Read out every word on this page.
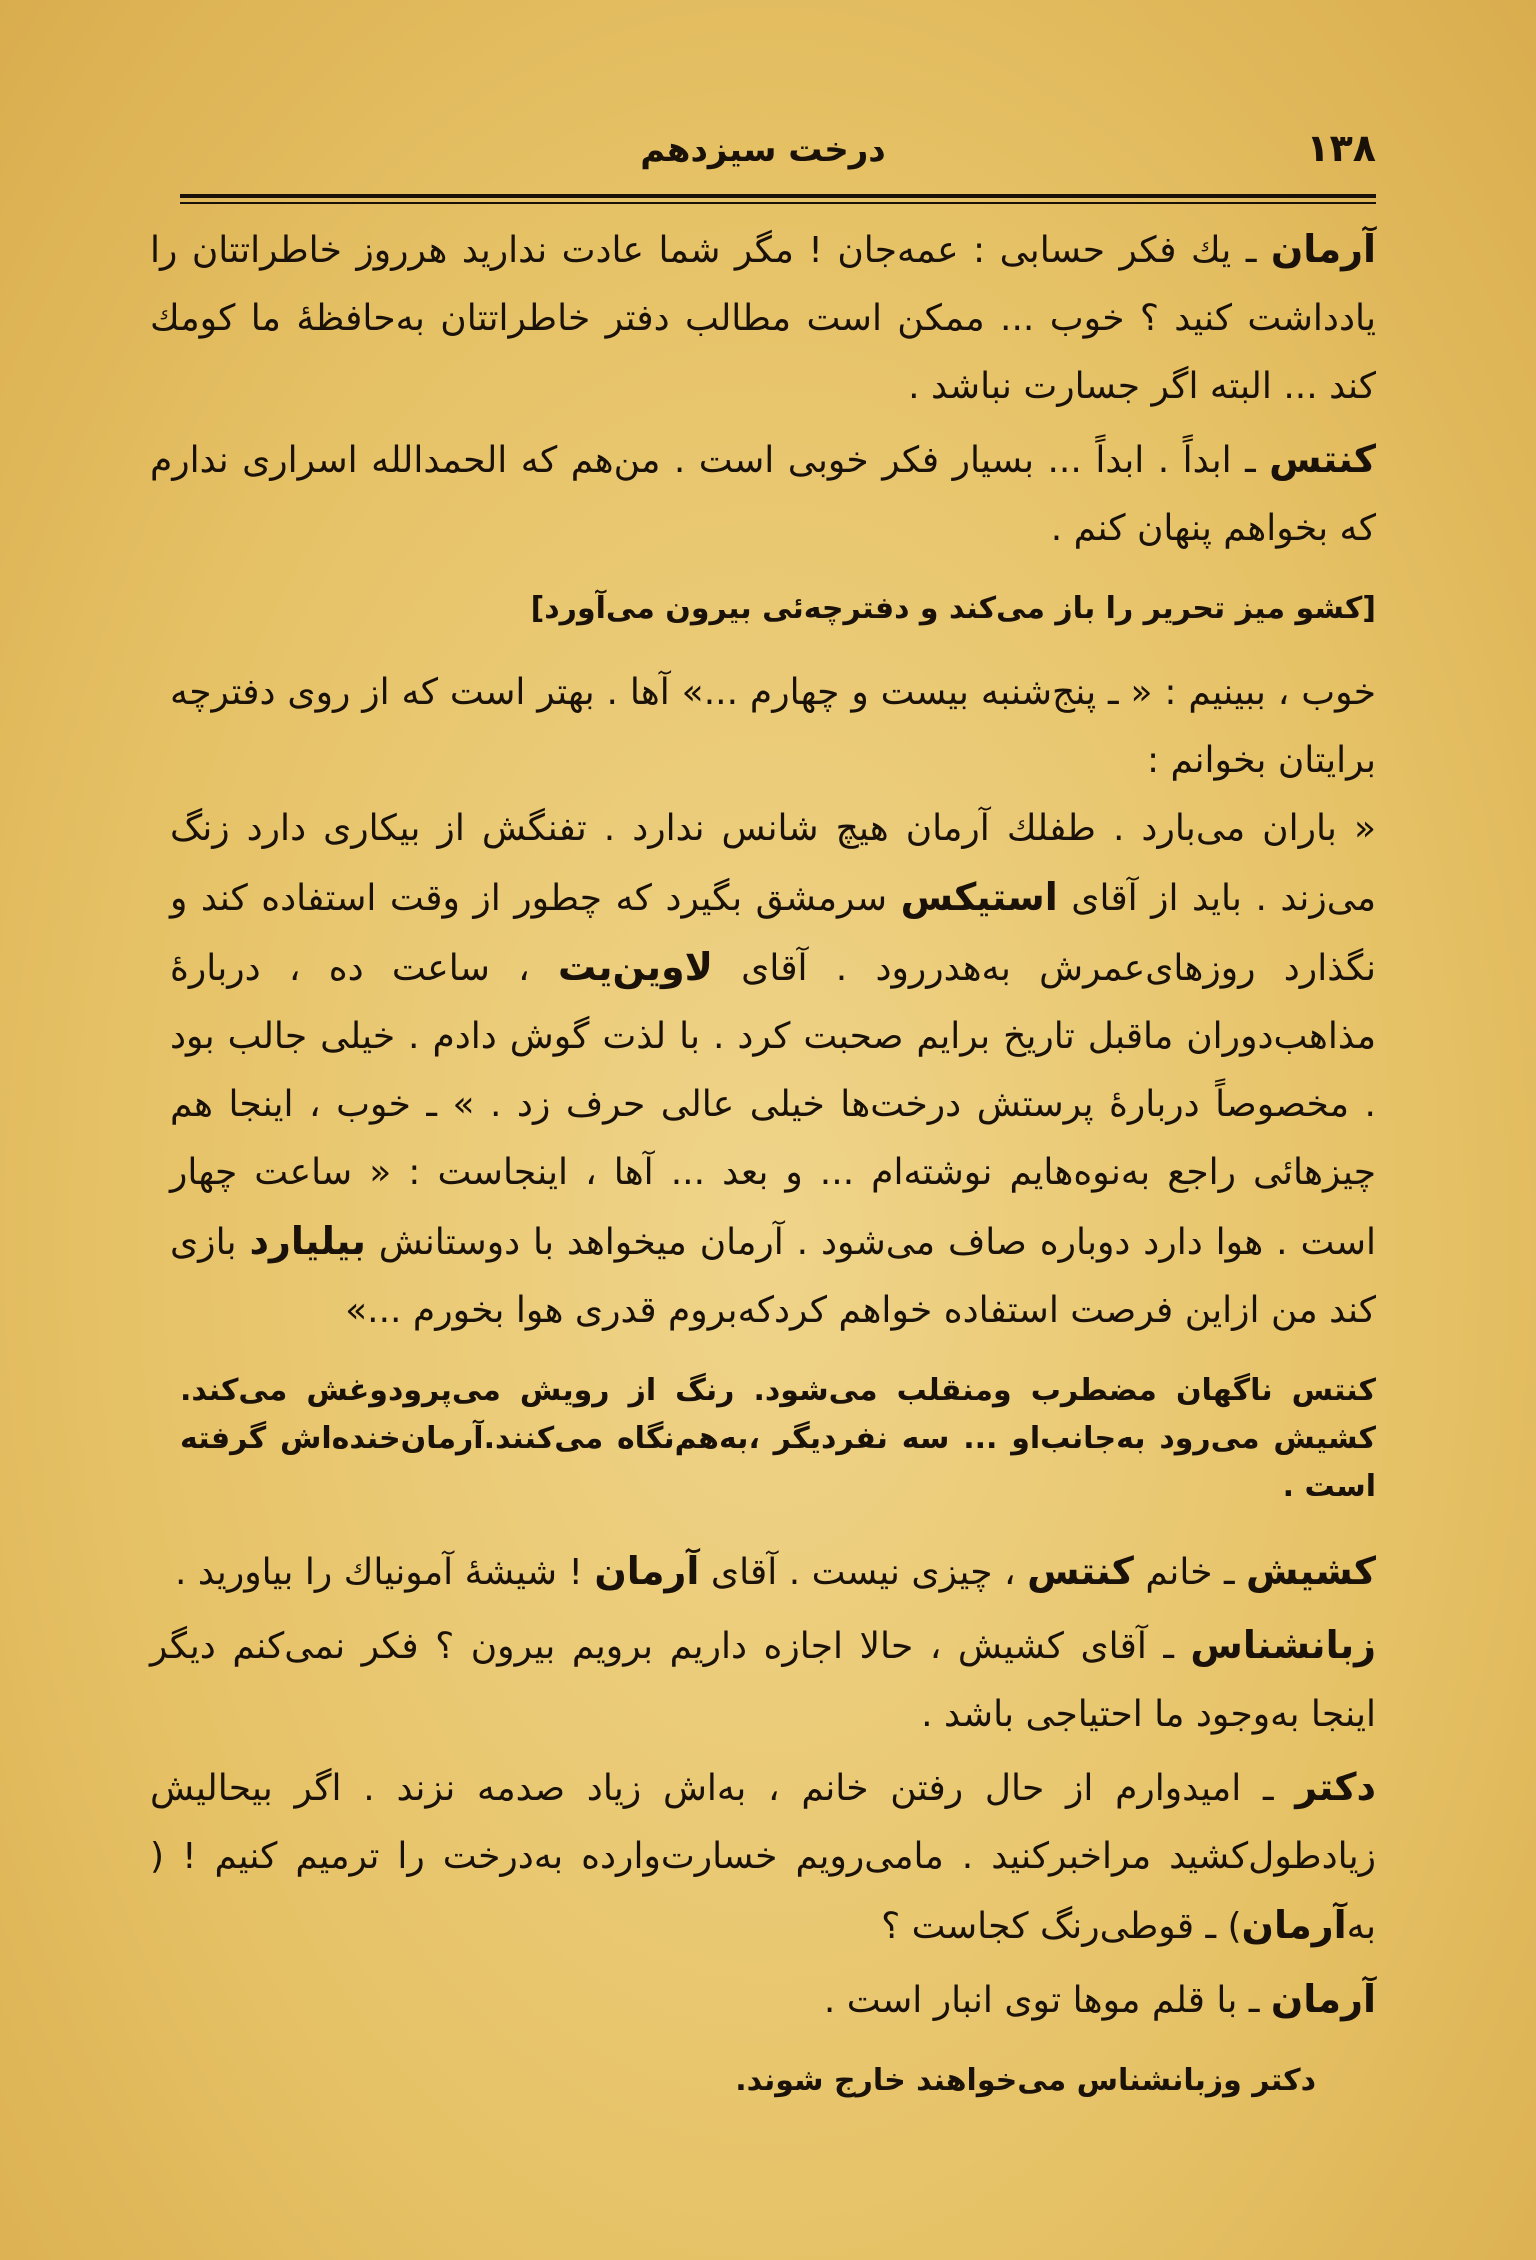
۱۳۸
درخت سیزدهم

آرمان ـ يك فكر حسابی : عمه‌جان ! مگر شما عادت ندارید هرروز خاطراتتان را یادداشت کنید ؟ خوب ... ممکن است مطالب دفتر خاطراتتان به‌حافظهٔ ما کومك کند ... البته اگر جسارت نباشد .

کنتس ـ ابداً . ابداً ... بسیار فکر خوبی است . من‌هم که الحمدالله اسراری ندارم که بخواهم پنهان کنم .

[کشو میز تحریر را باز می‌کند و دفترچه‌ئی بیرون می‌آورد]

خوب ، ببینیم : « ـ پنج‌شنبه بیست و چهارم ...» آها . بهتر است که از روی دفترچه برایتان بخوانم :

« باران می‌بارد . طفلك آرمان هیچ شانس ندارد . تفنگش از بیکاری دارد زنگ می‌زند . باید از آقای استیکس سرمشق بگیرد که چطور از وقت استفاده کند و نگذارد روزهای‌عمرش به‌هدررود . آقای لاوین‌یت ، ساعت ده ، دربارهٔ مذاهب‌دوران ماقبل تاریخ برایم صحبت کرد . با لذت گوش دادم . خیلی جالب بود . مخصوصاً دربارهٔ پرستش درخت‌ها خیلی عالی حرف زد . » ـ خوب ، اینجا هم چیزهائی راجع به‌نوه‌هایم نوشته‌ام ... و بعد ... آها ، اینجاست : « ساعت چهار است . هوا دارد دوباره صاف می‌شود . آرمان میخواهد با دوستانش بیلیارد بازی کند من ازاین فرصت استفاده خواهم کردکه‌بروم قدری هوا بخورم ...»

کنتس ناگهان مضطرب ومنقلب می‌شود. رنگ از رویش می‌پرودوغش می‌کند. کشیش می‌رود به‌جانب‌او ... سه نفردیگر ،به‌هم‌نگاه می‌کنند.آرمان‌خنده‌اش گرفته است .

کشیش ـ خانم کنتس ، چیزی نیست . آقای آرمان ! شیشهٔ آمونیاك را بیاورید .

زبانشناس ـ آقای کشیش ، حالا اجازه داریم برویم بیرون ؟ فکر نمی‌کنم دیگر اینجا به‌وجود ما احتیاجی باشد .

دکتر ـ امیدوارم از حال رفتن خانم ، به‌اش زیاد صدمه نزند . اگر بیحالیش زیادطول‌کشید مراخبرکنید . مامی‌رویم خسارت‌وارده به‌درخت را ترمیم کنیم ! ( به‌آرمان) ـ قوطی‌رنگ کجاست ؟

آرمان ـ با قلم موها توی انبار است .

دکتر وزبانشناس می‌خواهند خارج شوند.
